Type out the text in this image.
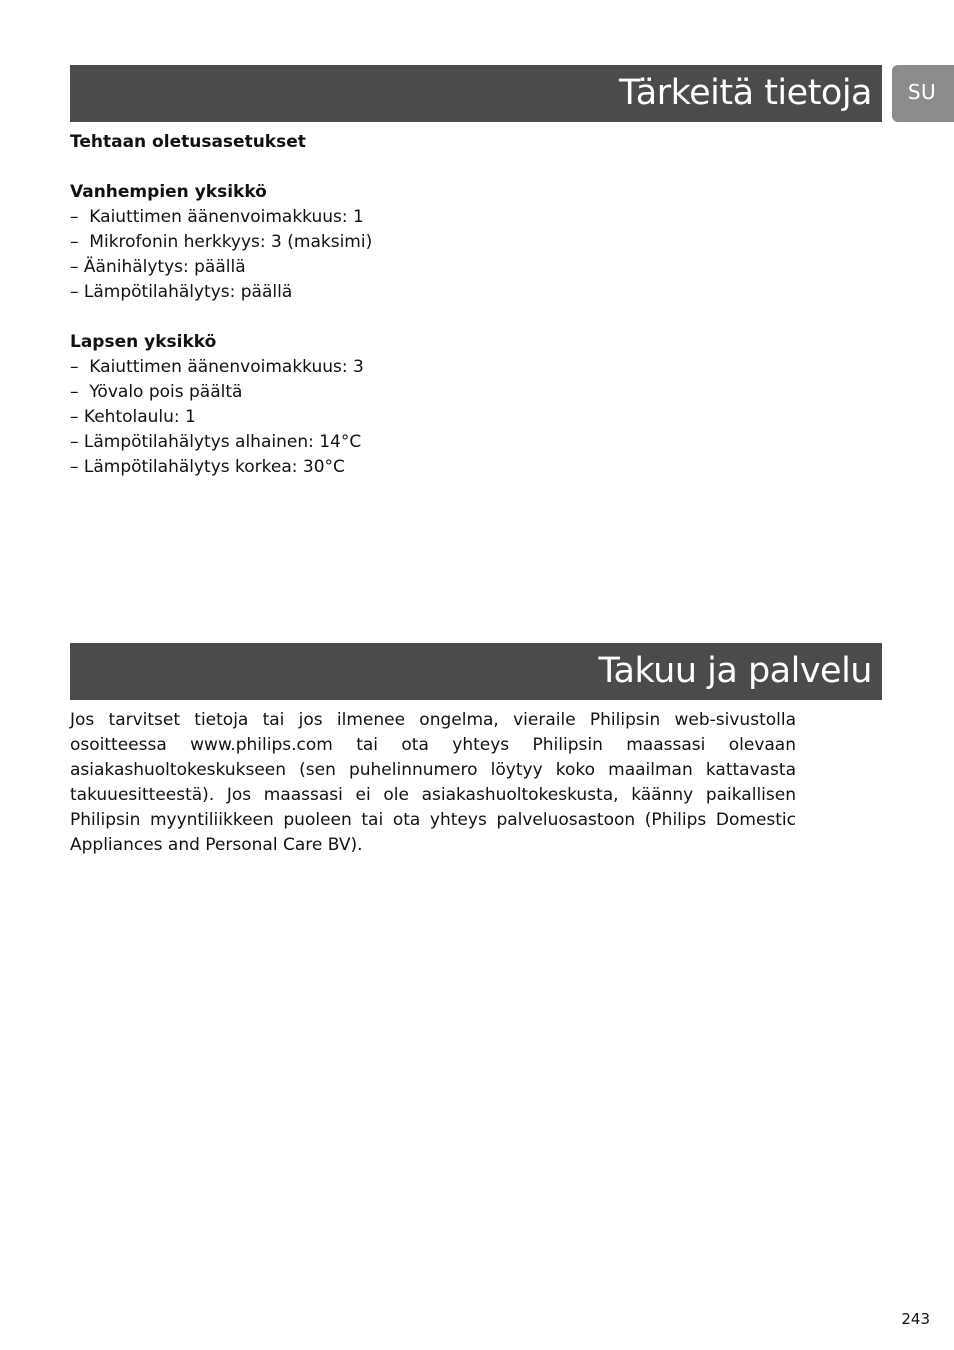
Tärkeitä tietoja SU
Tehtaan oletusasetukset
Vanhempien yksikkö
–  Kaiuttimen äänenvoimakkuus: 1
–  Mikrofonin herkkyys: 3 (maksimi)
– Äänihälytys: päällä
– Lämpötilahälytys: päällä
Lapsen yksikkö
–  Kaiuttimen äänenvoimakkuus: 3
–  Yövalo pois päältä
– Kehtolaulu: 1
– Lämpötilahälytys alhainen: 14°C
– Lämpötilahälytys korkea: 30°C
Takuu ja palvelu
Jos tarvitset tietoja tai jos ilmenee ongelma, vieraile Philipsin web-sivustolla osoitteessa www.philips.com tai ota yhteys Philipsin maassasi olevaan asiakashuoltokeskukseen (sen puhelinnumero löytyy koko maailman kattavasta takuuesitteestä). Jos maassasi ei ole asiakashuoltokeskusta, käänny paikallisen Philipsin myyntiliikkeen puoleen tai ota yhteys palveluosastoon (Philips Domestic Appliances and Personal Care BV).
243
